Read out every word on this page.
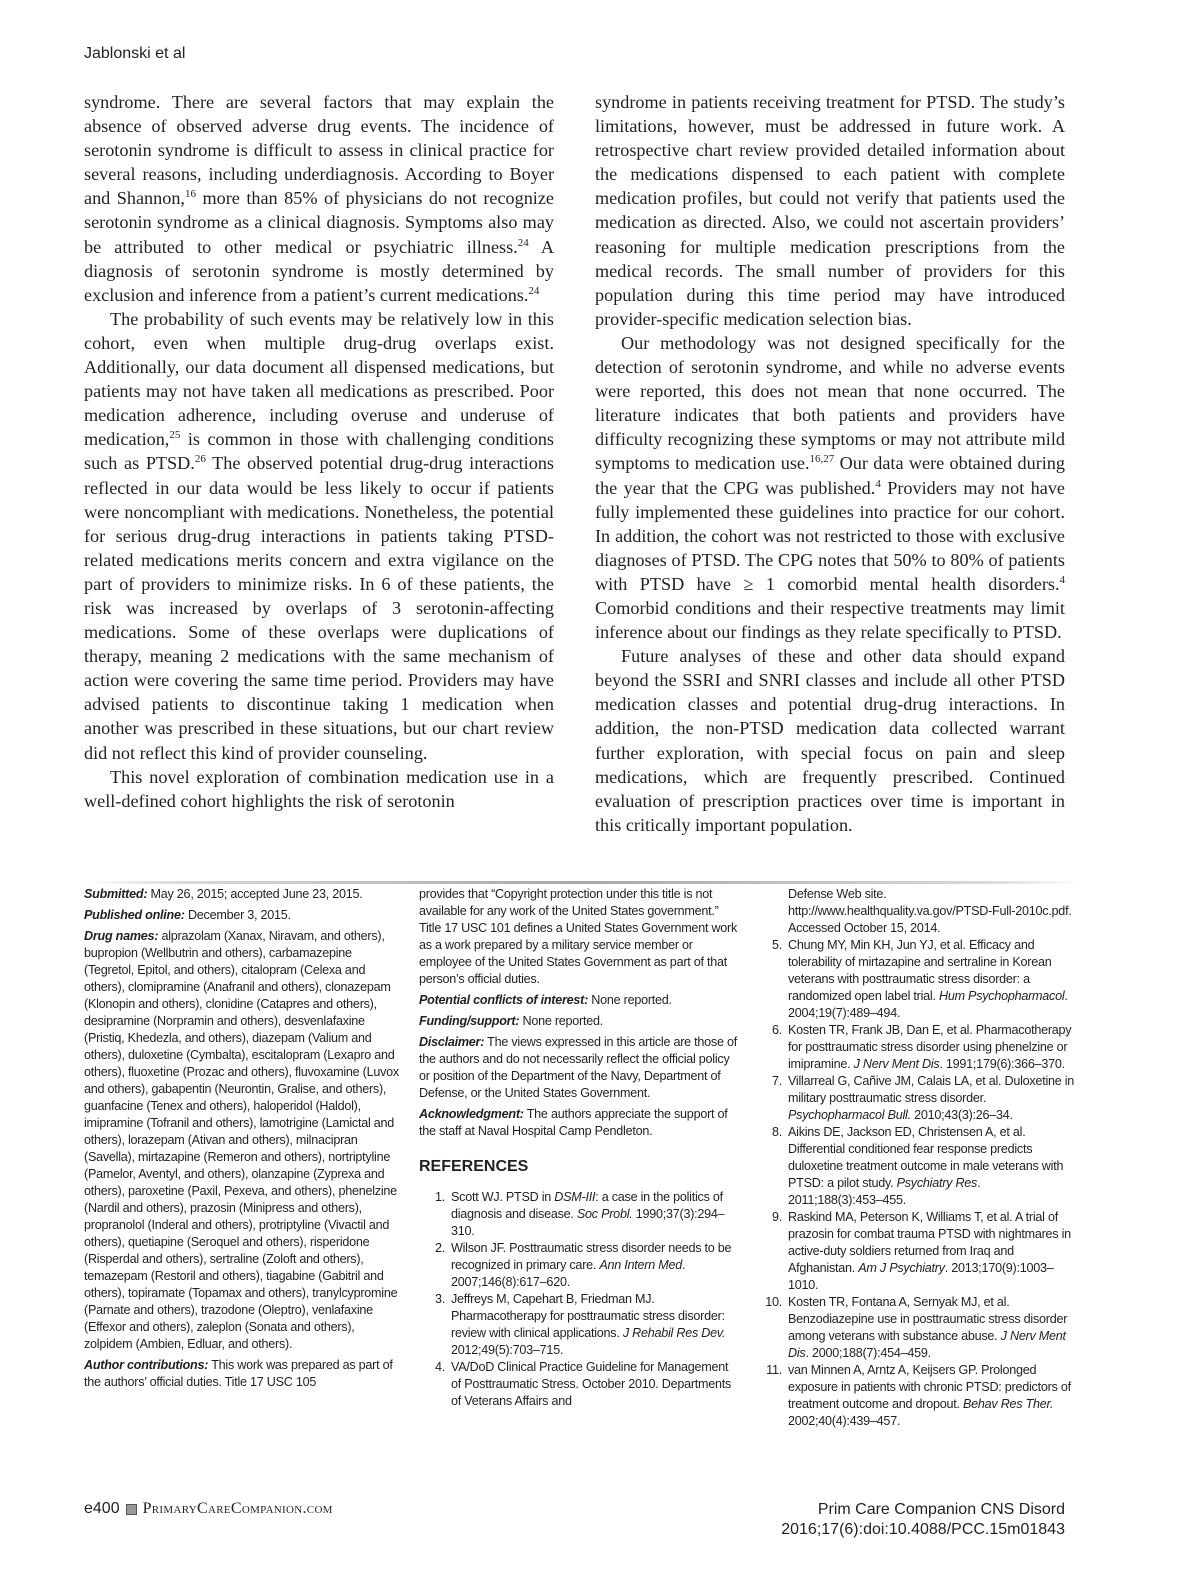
Jablonski et al

syndrome. There are several factors that may explain the absence of observed adverse drug events. The incidence of serotonin syndrome is difficult to assess in clinical practice for several reasons, including underdiagnosis. According to Boyer and Shannon,$^{16}$ more than 85% of physicians do not recognize serotonin syndrome as a clinical diagnosis. Symptoms also may be attributed to other medical or psychiatric illness.$^{24}$ A diagnosis of serotonin syndrome is mostly determined by exclusion and inference from a patient’s current medications.$^{24}$

The probability of such events may be relatively low in this cohort, even when multiple drug-drug overlaps exist. Additionally, our data document all dispensed medications, but patients may not have taken all medications as prescribed. Poor medication adherence, including overuse and underuse of medication,$^{25}$ is common in those with challenging conditions such as PTSD.$^{26}$ The observed potential drug-drug interactions reflected in our data would be less likely to occur if patients were noncompliant with medications. Nonetheless, the potential for serious drug-drug interactions in patients taking PTSD-related medications merits concern and extra vigilance on the part of providers to minimize risks. In 6 of these patients, the risk was increased by overlaps of 3 serotonin-affecting medications. Some of these overlaps were duplications of therapy, meaning 2 medications with the same mechanism of action were covering the same time period. Providers may have advised patients to discontinue taking 1 medication when another was prescribed in these situations, but our chart review did not reflect this kind of provider counseling.

This novel exploration of combination medication use in a well-defined cohort highlights the risk of serotonin

syndrome in patients receiving treatment for PTSD. The study’s limitations, however, must be addressed in future work. A retrospective chart review provided detailed information about the medications dispensed to each patient with complete medication profiles, but could not verify that patients used the medication as directed. Also, we could not ascertain providers’ reasoning for multiple medication prescriptions from the medical records. The small number of providers for this population during this time period may have introduced provider-specific medication selection bias.

Our methodology was not designed specifically for the detection of serotonin syndrome, and while no adverse events were reported, this does not mean that none occurred. The literature indicates that both patients and providers have difficulty recognizing these symptoms or may not attribute mild symptoms to medication use.$^{16,27}$ Our data were obtained during the year that the CPG was published.$^4$ Providers may not have fully implemented these guidelines into practice for our cohort. In addition, the cohort was not restricted to those with exclusive diagnoses of PTSD. The CPG notes that 50% to 80% of patients with PTSD have ≥ 1 comorbid mental health disorders.$^4$ Comorbid conditions and their respective treatments may limit inference about our findings as they relate specifically to PTSD.

Future analyses of these and other data should expand beyond the SSRI and SNRI classes and include all other PTSD medication classes and potential drug-drug interactions. In addition, the non-PTSD medication data collected warrant further exploration, with special focus on pain and sleep medications, which are frequently prescribed. Continued evaluation of prescription practices over time is important in this critically important population.

Submitted: May 26, 2015; accepted June 23, 2015.

Published online: December 3, 2015.

Drug names: alprazolam (Xanax, Niravam, and others), bupropion (Wellbutrin and others), carbamazepine (Tegretol, Epitol, and others), citalopram (Celexa and others), clomipramine (Anafranil and others), clonazepam (Klonopin and others), clonidine (Catapres and others), desipramine (Norpramin and others), desvenlafaxine (Pristiq, Khedezla, and others), diazepam (Valium and others), duloxetine (Cymbalta), escitalopram (Lexapro and others), fluoxetine (Prozac and others), fluvoxamine (Luvox and others), gabapentin (Neurontin, Gralise, and others), guanfacine (Tenex and others), haloperidol (Haldol), imipramine (Tofranil and others), lamotrigine (Lamictal and others), lorazepam (Ativan and others), milnacipran (Savella), mirtazapine (Remeron and others), nortriptyline (Pamelor, Aventyl, and others), olanzapine (Zyprexa and others), paroxetine (Paxil, Pexeva, and others), phenelzine (Nardil and others), prazosin (Minipress and others), propranolol (Inderal and others), protriptyline (Vivactil and others), quetiapine (Seroquel and others), risperidone (Risperdal and others), sertraline (Zoloft and others), temazepam (Restoril and others), tiagabine (Gabitril and others), topiramate (Topamax and others), tranylcypromine (Parnate and others), trazodone (Oleptro), venlafaxine (Effexor and others), zaleplon (Sonata and others), zolpidem (Ambien, Edluar, and others).

Author contributions: This work was prepared as part of the authors’ official duties. Title 17 USC 105

provides that “Copyright protection under this title is not available for any work of the United States government.” Title 17 USC 101 defines a United States Government work as a work prepared by a military service member or employee of the United States Government as part of that person’s official duties.

Potential conflicts of interest: None reported.

Funding/support: None reported.

Disclaimer: The views expressed in this article are those of the authors and do not necessarily reflect the official policy or position of the Department of the Navy, Department of Defense, or the United States Government.

Acknowledgment: The authors appreciate the support of the staff at Naval Hospital Camp Pendleton.

REFERENCES
1. Scott WJ. PTSD in DSM-III: a case in the politics of diagnosis and disease. Soc Probl. 1990;37(3):294–310.
2. Wilson JF. Posttraumatic stress disorder needs to be recognized in primary care. Ann Intern Med. 2007;146(8):617–620.
3. Jeffreys M, Capehart B, Friedman MJ. Pharmacotherapy for posttraumatic stress disorder: review with clinical applications. J Rehabil Res Dev. 2012;49(5):703–715.
4. VA/DoD Clinical Practice Guideline for Management of Posttraumatic Stress. October 2010. Departments of Veterans Affairs and
Defense Web site. http://www.healthquality.va.gov/PTSD-Full-2010c.pdf. Accessed October 15, 2014.
5. Chung MY, Min KH, Jun YJ, et al. Efficacy and tolerability of mirtazapine and sertraline in Korean veterans with posttraumatic stress disorder: a randomized open label trial. Hum Psychopharmacol. 2004;19(7):489–494.
6. Kosten TR, Frank JB, Dan E, et al. Pharmacotherapy for posttraumatic stress disorder using phenelzine or imipramine. J Nerv Ment Dis. 1991;179(6):366–370.
7. Villarreal G, Cañive JM, Calais LA, et al. Duloxetine in military posttraumatic stress disorder. Psychopharmacol Bull. 2010;43(3):26–34.
8. Aikins DE, Jackson ED, Christensen A, et al. Differential conditioned fear response predicts duloxetine treatment outcome in male veterans with PTSD: a pilot study. Psychiatry Res. 2011;188(3):453–455.
9. Raskind MA, Peterson K, Williams T, et al. A trial of prazosin for combat trauma PTSD with nightmares in active-duty soldiers returned from Iraq and Afghanistan. Am J Psychiatry. 2013;170(9):1003–1010.
10. Kosten TR, Fontana A, Sernyak MJ, et al. Benzodiazepine use in posttraumatic stress disorder among veterans with substance abuse. J Nerv Ment Dis. 2000;188(7):454–459.
11. van Minnen A, Arntz A, Keijsers GP. Prolonged exposure in patients with chronic PTSD: predictors of treatment outcome and dropout. Behav Res Ther. 2002;40(4):439–457.
e400 PrimaryCareCompanion.com	Prim Care Companion CNS Disord
2016;17(6):doi:10.4088/PCC.15m01843
